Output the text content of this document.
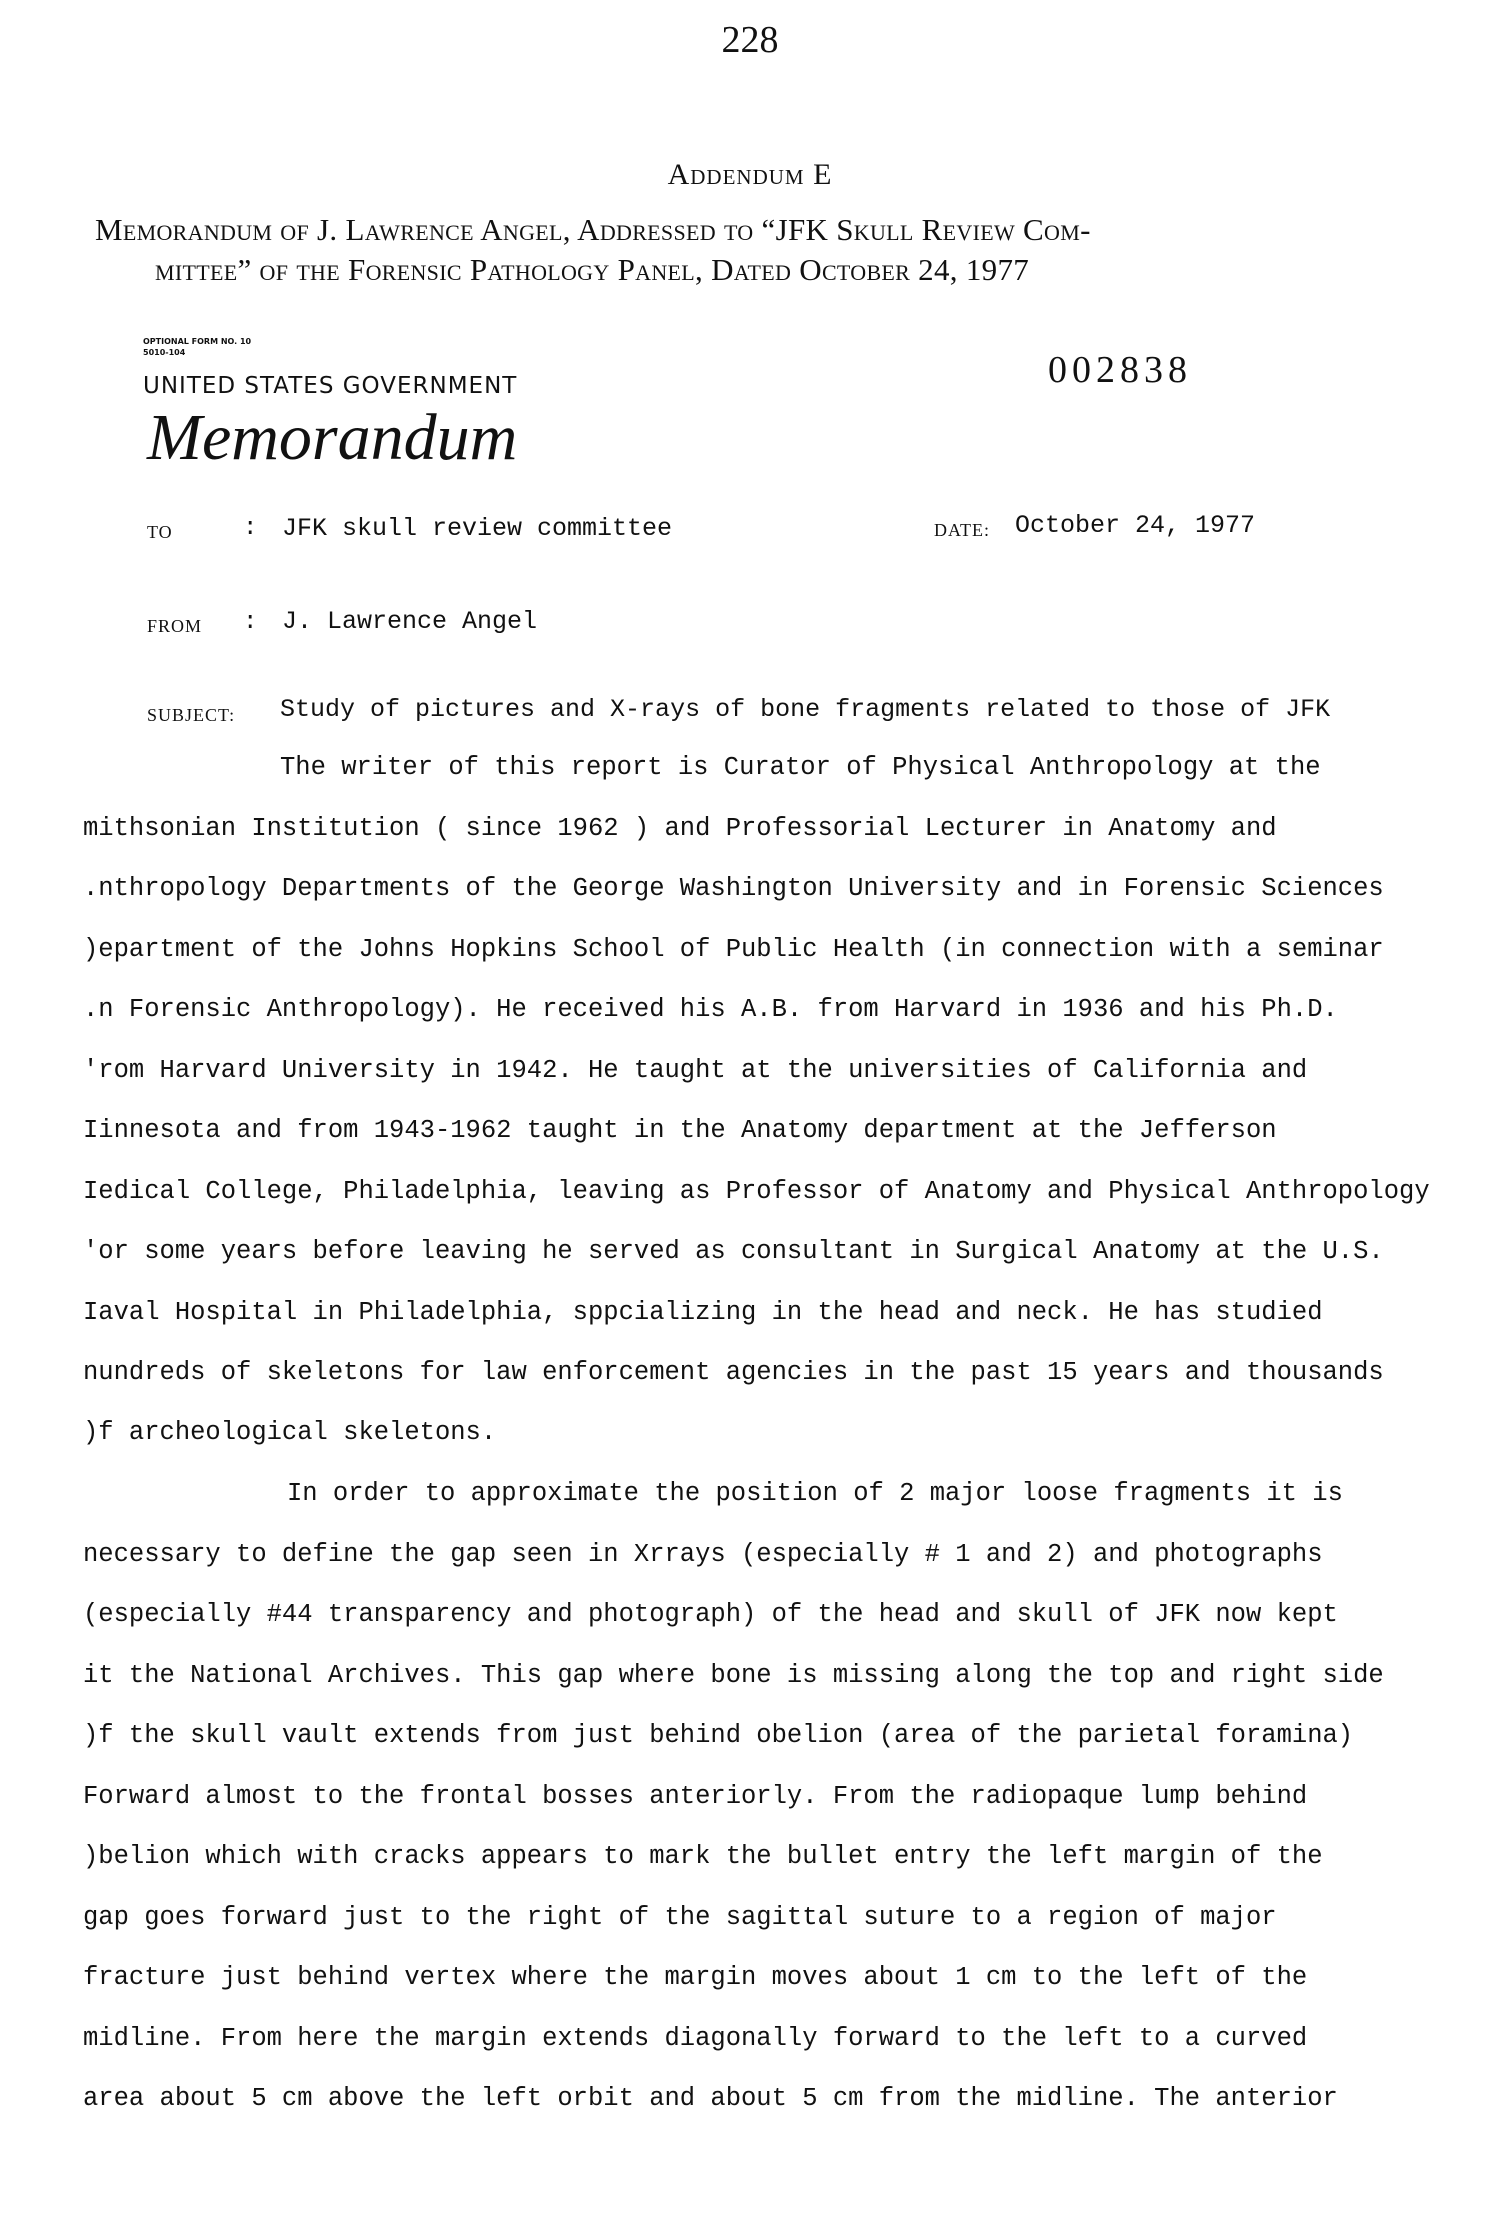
228
Addendum E
Memorandum of J. Lawrence Angel, Addressed to “JFK Skull Review Com-
mittee” of the Forensic Pathology Panel, Dated October 24, 1977
OPTIONAL FORM NO. 10
5010-104
UNITED STATES GOVERNMENT
Memorandum
002838
TO	: JFK skull review committee	DATE: October 24, 1977
FROM : J. Lawrence Angel
SUBJECT: Study of pictures and X-rays of bone fragments related to those of JFK
The writer of this report is Curator of Physical Anthropology at the
mithsonian Institution ( since 1962 ) and Professorial Lecturer in Anatomy and
.nthropology Departments of the George Washington University and in Forensic Sciences
)epartment of the Johns Hopkins School of Public Health (in connection with a seminar
.n Forensic Anthropology). He received his A.B. from Harvard in 1936 and his Ph.D.
'rom Harvard University in 1942. He taught at the universities of California and
Iinnesota and from 1943-1962 taught in the Anatomy department at the Jefferson
Iedical College, Philadelphia, leaving as Professor of Anatomy and Physical Anthropology
'or some years before leaving he served as consultant in Surgical Anatomy at the U.S.
Iaval Hospital in Philadelphia, sppcializing in the head and neck. He has studied
nundreds of skeletons for law enforcement agencies in the past 15 years and thousands
)f archeological skeletons.
In order to approximate the position of 2 major loose fragments it is
necessary to define the gap seen in Xrrays (especially # 1 and 2) and photographs
(especially #44 transparency and photograph) of the head and skull of JFK now kept
it the National Archives. This gap where bone is missing along the top and right side
)f the skull vault extends from just behind obelion (area of the parietal foramina)
Forward almost to the frontal bosses anteriorly. From the radiopaque lump behind
)belion which with cracks appears to mark the bullet entry the left margin of the
gap goes forward just to the right of the sagittal suture to a region of major
fracture just behind vertex where the margin moves about 1 cm to the left of the
midline. From here the margin extends diagonally forward to the left to a curved
area about 5 cm above the left orbit and about 5 cm from the midline. The anterior
